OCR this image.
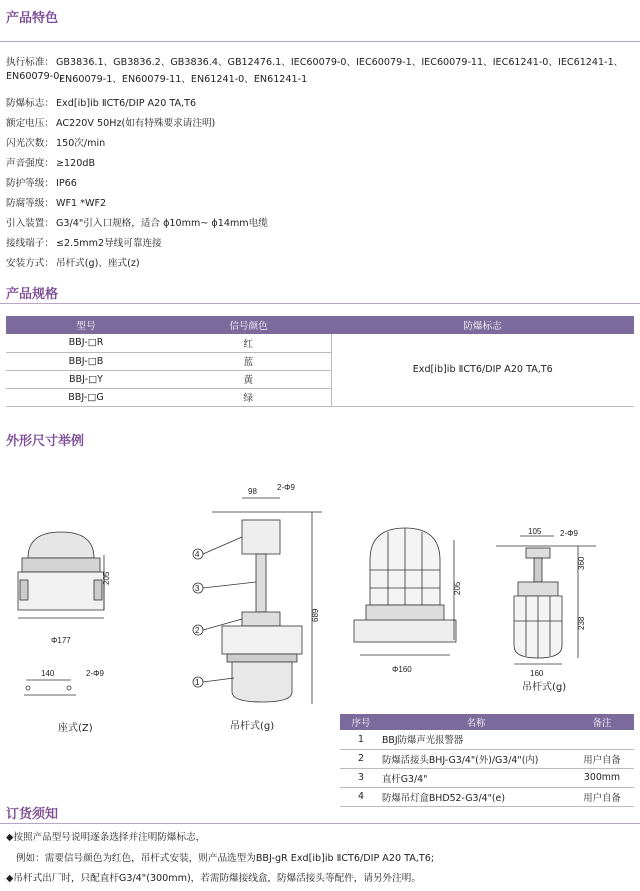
产品特色
执行标准： GB3836.1、GB3836.2、GB3836.4、GB12476.1、IEC60079-0、IEC60079-1、IEC60079-11、IEC61241-0、IEC61241-1、EN60079-0、
EN60079-1、EN60079-11、EN61241-0、EN61241-1
防爆标志： Exd[ib]ib ⅡCT6/DIP A20 TA,T6
额定电压： AC220V 50Hz(如有特殊要求请注明)
闪光次数： 150次/min
声音强度： ≥120dB
防护等级： IP66
防腐等级： WF1 *WF2
引入装置： G3/4"引入口规格，适合 ϕ10mm~ ϕ14mm电缆
接线端子： ≤2.5mm2导线可靠连接
安装方式： 吊杆式(g)、座式(z)
产品规格
型号	信号颜色	防爆标志
BBJ-□R	红	Exd[ib]ib ⅡCT6/DIP A20 TA,T6
BBJ-□B	蓝	
BBJ-□Y	黄	
BBJ-□G	绿	
外形尺寸举例
205
Φ177
140	2-Φ9
座式(Z)
98	2-Φ9
689
4
3
2
1
吊杆式(g)
205
Φ160
105 2-Φ9
360
238
160
吊杆式(g)
序号	名称	备注
1	BBJ防爆声光报警器	
2	防爆活接头BHJ-G3/4"(外)/G3/4"(内)	用户自备
3	直杆G3/4"	300mm
4	防爆吊灯盒BHD52-G3/4"(e)	用户自备
订货须知
◆按照产品型号说明逐条选择并注明防爆标志，
例如：需要信号颜色为红色，吊杆式安装，则产品选型为BBJ-gR Exd[ib]ib ⅡCT6/DIP A20 TA,T6;
◆吊杆式出厂时，只配直杆G3/4"(300mm)，若需防爆接线盒，防爆活接头等配件，请另外注明。
